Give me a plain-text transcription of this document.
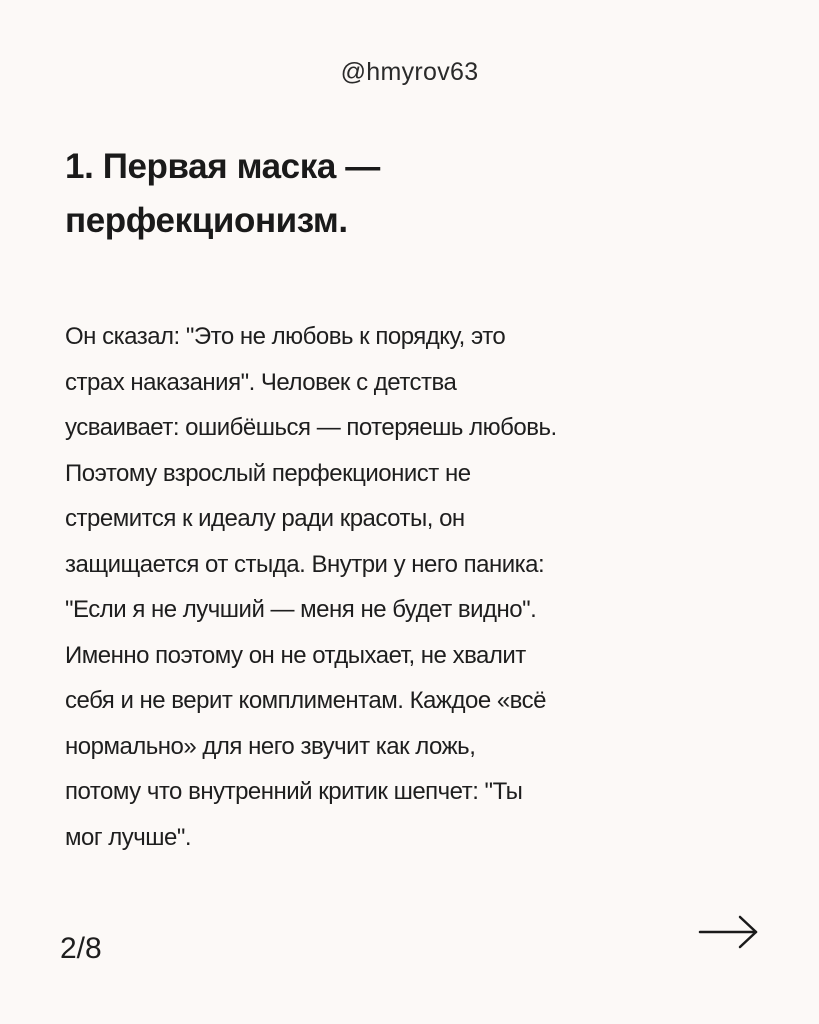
@hmyrov63
1. Первая маска —
перфекционизм.
Он сказал: "Это не любовь к порядку, это
страх наказания". Человек с детства
усваивает: ошибёшься — потеряешь любовь.
Поэтому взрослый перфекционист не
стремится к идеалу ради красоты, он
защищается от стыда. Внутри у него паника:
"Если я не лучший — меня не будет видно".
Именно поэтому он не отдыхает, не хвалит
себя и не верит комплиментам. Каждое «всё
нормально» для него звучит как ложь,
потому что внутренний критик шепчет: "Ты
мог лучше".
2/8
